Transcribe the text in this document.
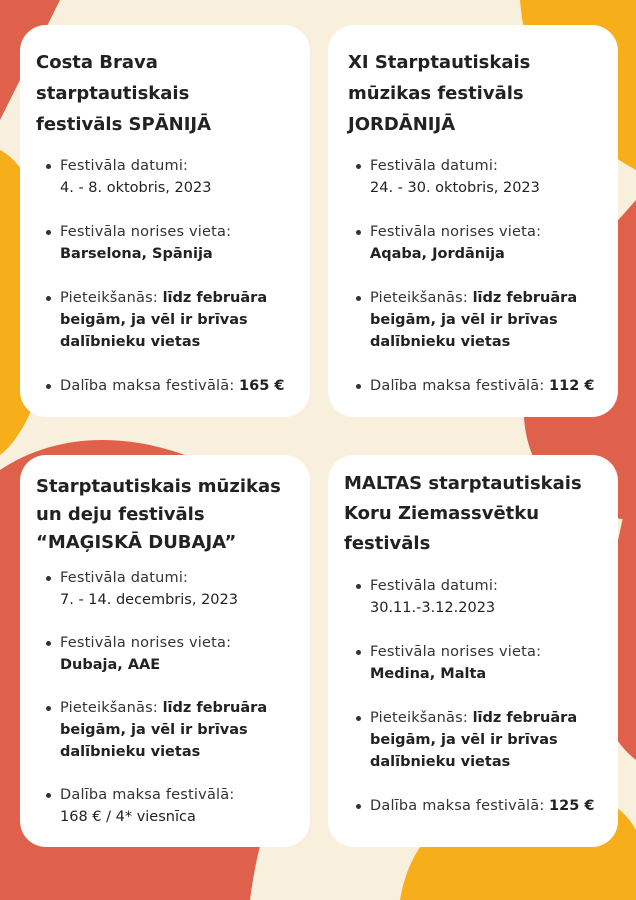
Costa Brava
starptautiskais
festivāls SPĀNIJĀ
Festivāla datumi:
4. - 8. oktobris, 2023
Festivāla norises vieta:
Barselona, Spānija
Pieteikšanās: līdz februāra
beigām, ja vēl ir brīvas
dalībnieku vietas
Dalība maksa festivālā: 165 €
XI Starptautiskais
mūzikas festivāls
JORDĀNIJĀ
Festivāla datumi:
24. - 30. oktobris, 2023
Festivāla norises vieta:
Aqaba, Jordānija
Pieteikšanās: līdz februāra
beigām, ja vēl ir brīvas
dalībnieku vietas
Dalība maksa festivālā: 112 €
Starptautiskais mūzikas
un deju festivāls
“MAĢISKĀ DUBAJA”
Festivāla datumi:
7. - 14. decembris, 2023
Festivāla norises vieta:
Dubaja, AAE
Pieteikšanās: līdz februāra
beigām, ja vēl ir brīvas
dalībnieku vietas
Dalība maksa festivālā:
168 € / 4* viesnīca
MALTAS starptautiskais
Koru Ziemassvētku
festivāls
Festivāla datumi:
30.11.-3.12.2023
Festivāla norises vieta:
Medina, Malta
Pieteikšanās: līdz februāra
beigām, ja vēl ir brīvas
dalībnieku vietas
Dalība maksa festivālā: 125 €
